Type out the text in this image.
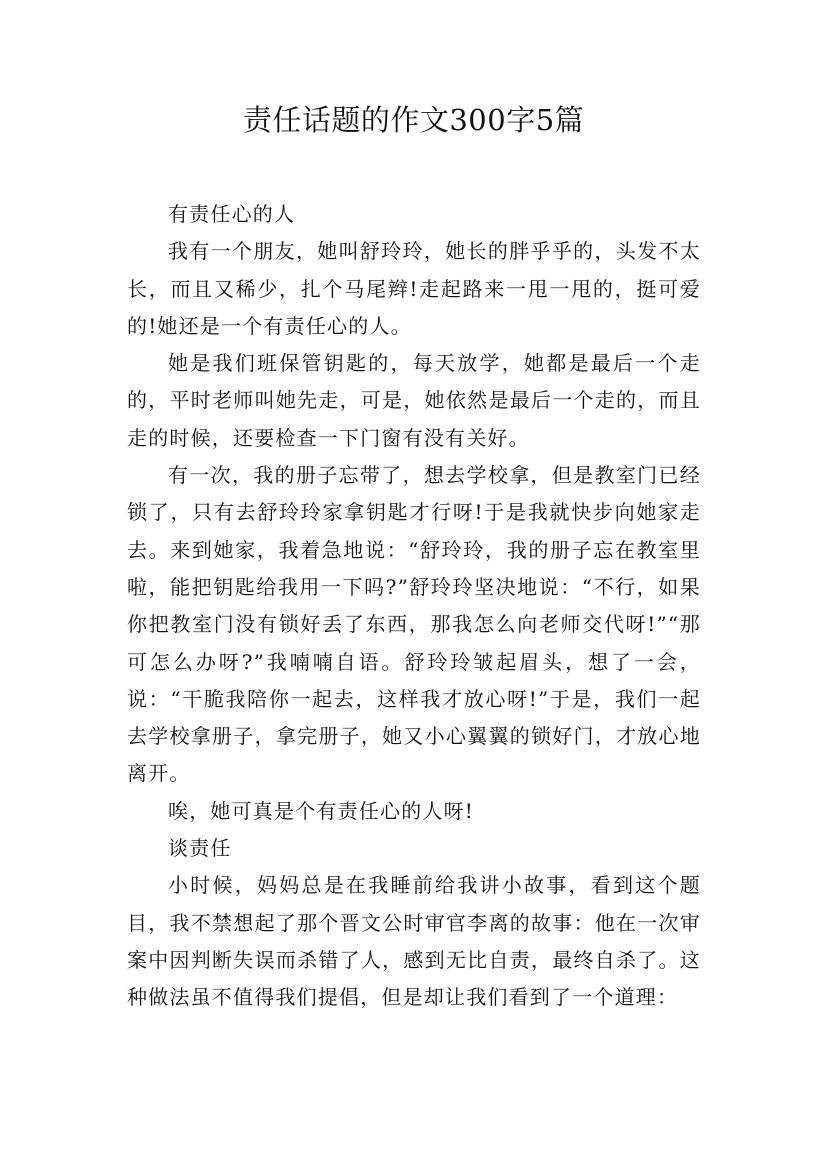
责任话题的作文300字5篇

有责任心的人

我有一个朋友，她叫舒玲玲，她长的胖乎乎的，头发不太长，而且又稀少，扎个马尾辫!走起路来一甩一甩的，挺可爱的!她还是一个有责任心的人。

她是我们班保管钥匙的，每天放学，她都是最后一个走的，平时老师叫她先走，可是，她依然是最后一个走的，而且走的时候，还要检查一下门窗有没有关好。

有一次，我的册子忘带了，想去学校拿，但是教室门已经锁了，只有去舒玲玲家拿钥匙才行呀!于是我就快步向她家走去。来到她家，我着急地说：“舒玲玲，我的册子忘在教室里啦，能把钥匙给我用一下吗?”舒玲玲坚决地说：“不行，如果你把教室门没有锁好丢了东西，那我怎么向老师交代呀!”“那可怎么办呀?”我喃喃自语。舒玲玲皱起眉头，想了一会，说：“干脆我陪你一起去，这样我才放心呀!”于是，我们一起去学校拿册子，拿完册子，她又小心翼翼的锁好门，才放心地离开。

唉，她可真是个有责任心的人呀!

谈责任

小时候，妈妈总是在我睡前给我讲小故事，看到这个题目，我不禁想起了那个晋文公时审官李离的故事：他在一次审案中因判断失误而杀错了人，感到无比自责，最终自杀了。这种做法虽不值得我们提倡，但是却让我们看到了一个道理：
